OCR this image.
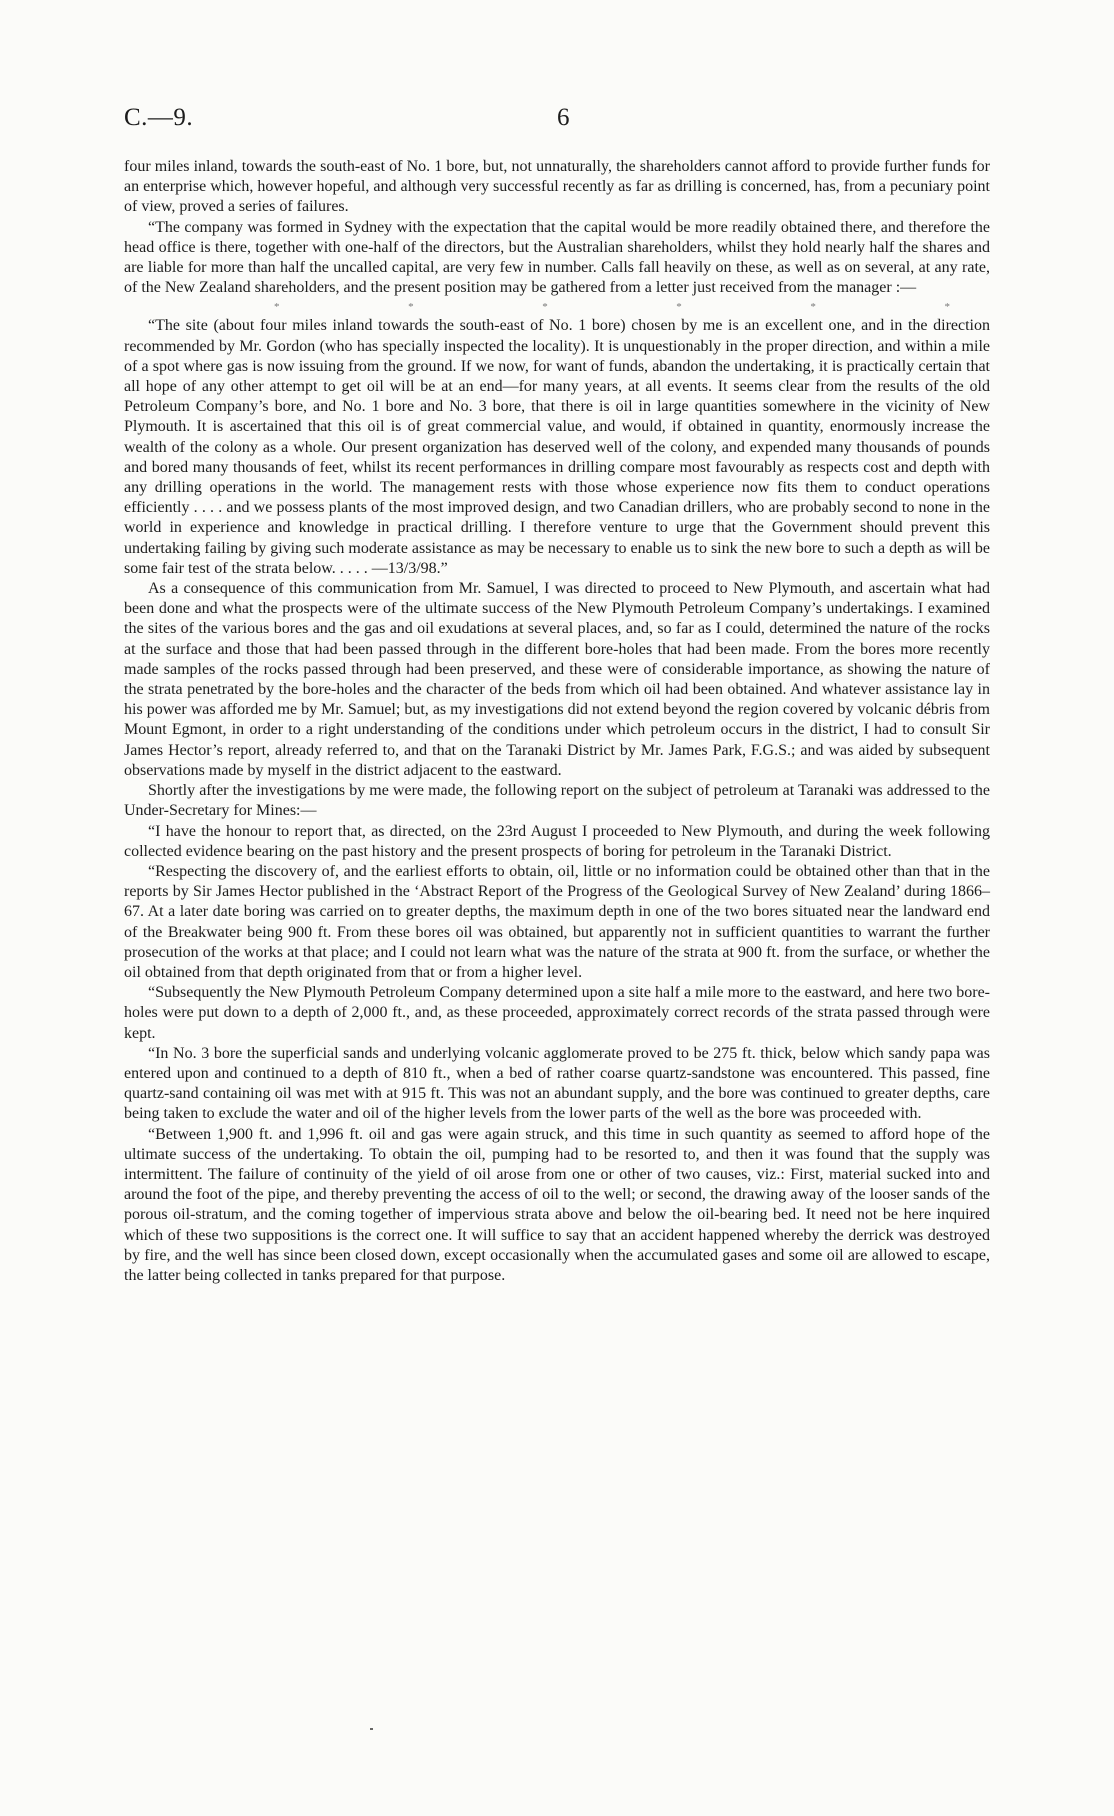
C.—9.	6

four miles inland, towards the south-east of No. 1 bore, but, not unnaturally, the shareholders cannot afford to provide further funds for an enterprise which, however hopeful, and although very successful recently as far as drilling is concerned, has, from a pecuniary point of view, proved a series of failures.

“The company was formed in Sydney with the expectation that the capital would be more readily obtained there, and therefore the head office is there, together with one-half of the directors, but the Australian shareholders, whilst they hold nearly half the shares and are liable for more than half the uncalled capital, are very few in number. Calls fall heavily on these, as well as on several, at any rate, of the New Zealand shareholders, and the present position may be gathered from a letter just received from the manager :—

*	*	*	*	*	*

“The site (about four miles inland towards the south-east of No. 1 bore) chosen by me is an excellent one, and in the direction recommended by Mr. Gordon (who has specially inspected the locality). It is unquestionably in the proper direction, and within a mile of a spot where gas is now issuing from the ground. If we now, for want of funds, abandon the undertaking, it is practically certain that all hope of any other attempt to get oil will be at an end—for many years, at all events. It seems clear from the results of the old Petroleum Company’s bore, and No. 1 bore and No. 3 bore, that there is oil in large quantities somewhere in the vicinity of New Plymouth. It is ascertained that this oil is of great commercial value, and would, if obtained in quantity, enormously increase the wealth of the colony as a whole. Our present organization has deserved well of the colony, and expended many thousands of pounds and bored many thousands of feet, whilst its recent performances in drilling compare most favourably as respects cost and depth with any drilling operations in the world. The management rests with those whose experience now fits them to conduct operations efficiently . . . . and we possess plants of the most improved design, and two Canadian drillers, who are probably second to none in the world in experience and knowledge in practical drilling. I therefore venture to urge that the Government should prevent this undertaking failing by giving such moderate assistance as may be necessary to enable us to sink the new bore to such a depth as will be some fair test of the strata below. . . . . —13/3/98.”

As a consequence of this communication from Mr. Samuel, I was directed to proceed to New Plymouth, and ascertain what had been done and what the prospects were of the ultimate success of the New Plymouth Petroleum Company’s undertakings. I examined the sites of the various bores and the gas and oil exudations at several places, and, so far as I could, determined the nature of the rocks at the surface and those that had been passed through in the different bore-holes that had been made. From the bores more recently made samples of the rocks passed through had been preserved, and these were of considerable importance, as showing the nature of the strata penetrated by the bore-holes and the character of the beds from which oil had been obtained. And whatever assistance lay in his power was afforded me by Mr. Samuel; but, as my investigations did not extend beyond the region covered by volcanic débris from Mount Egmont, in order to a right understanding of the conditions under which petroleum occurs in the district, I had to consult Sir James Hector’s report, already referred to, and that on the Taranaki District by Mr. James Park, F.G.S.; and was aided by subsequent observations made by myself in the district adjacent to the eastward.

Shortly after the investigations by me were made, the following report on the subject of petroleum at Taranaki was addressed to the Under-Secretary for Mines:—

“I have the honour to report that, as directed, on the 23rd August I proceeded to New Plymouth, and during the week following collected evidence bearing on the past history and the present prospects of boring for petroleum in the Taranaki District.

“Respecting the discovery of, and the earliest efforts to obtain, oil, little or no information could be obtained other than that in the reports by Sir James Hector published in the ‘Abstract Report of the Progress of the Geological Survey of New Zealand’ during 1866–67. At a later date boring was carried on to greater depths, the maximum depth in one of the two bores situated near the landward end of the Breakwater being 900 ft. From these bores oil was obtained, but apparently not in sufficient quantities to warrant the further prosecution of the works at that place; and I could not learn what was the nature of the strata at 900 ft. from the surface, or whether the oil obtained from that depth originated from that or from a higher level.

“Subsequently the New Plymouth Petroleum Company determined upon a site half a mile more to the eastward, and here two bore-holes were put down to a depth of 2,000 ft., and, as these proceeded, approximately correct records of the strata passed through were kept.

“In No. 3 bore the superficial sands and underlying volcanic agglomerate proved to be 275 ft. thick, below which sandy papa was entered upon and continued to a depth of 810 ft., when a bed of rather coarse quartz-sandstone was encountered. This passed, fine quartz-sand containing oil was met with at 915 ft. This was not an abundant supply, and the bore was continued to greater depths, care being taken to exclude the water and oil of the higher levels from the lower parts of the well as the bore was proceeded with.

“Between 1,900 ft. and 1,996 ft. oil and gas were again struck, and this time in such quantity as seemed to afford hope of the ultimate success of the undertaking. To obtain the oil, pumping had to be resorted to, and then it was found that the supply was intermittent. The failure of continuity of the yield of oil arose from one or other of two causes, viz.: First, material sucked into and around the foot of the pipe, and thereby preventing the access of oil to the well; or second, the drawing away of the looser sands of the porous oil-stratum, and the coming together of impervious strata above and below the oil-bearing bed. It need not be here inquired which of these two suppositions is the correct one. It will suffice to say that an accident happened whereby the derrick was destroyed by fire, and the well has since been closed down, except occasionally when the accumulated gases and some oil are allowed to escape, the latter being collected in tanks prepared for that purpose.
